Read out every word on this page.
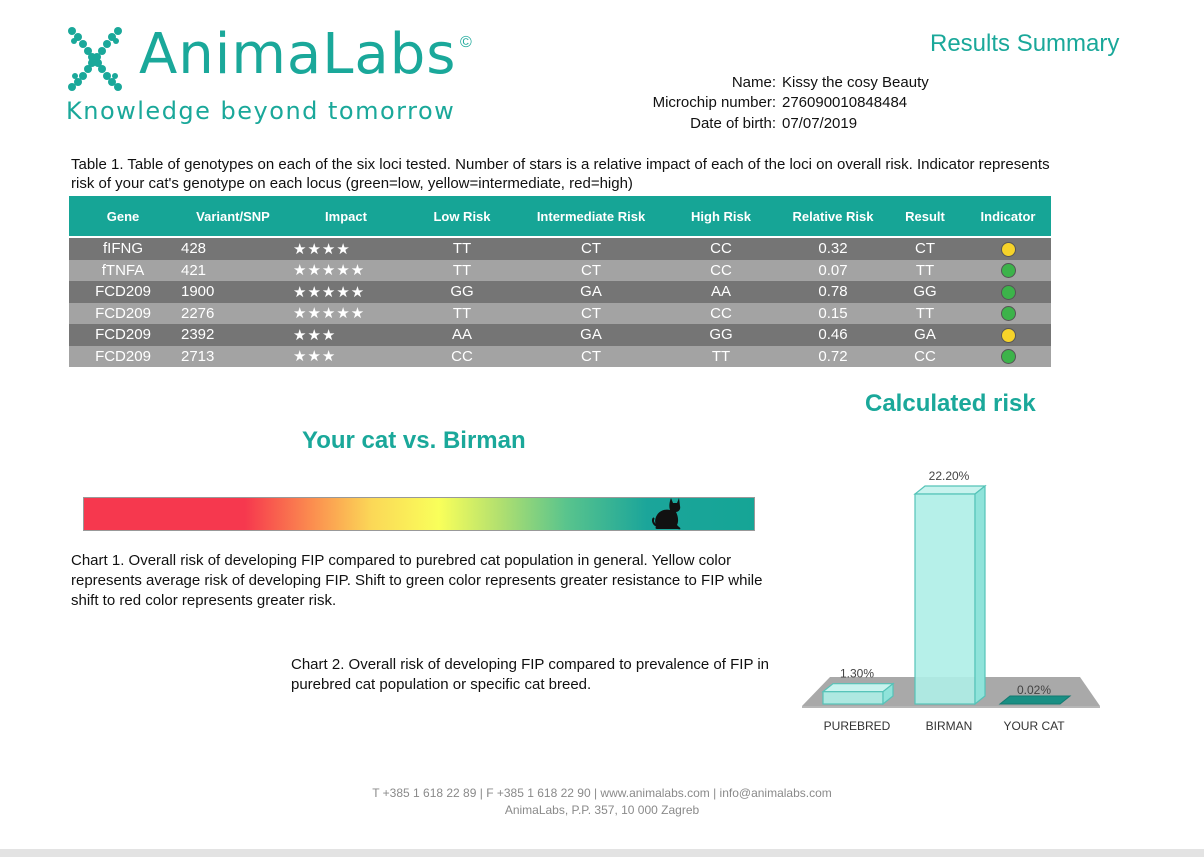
AnimaLabs ©
Knowledge beyond tomorrow
Results Summary
Name: Kissy the cosy Beauty
Microchip number: 276090010848484
Date of birth: 07/07/2019
Table 1. Table of genotypes on each of the six loci tested. Number of stars is a relative impact of each of the loci on overall risk. Indicator represents risk of your cat's genotype on each locus (green=low, yellow=intermediate, red=high)
Gene	Variant/SNP	Impact	Low Risk	Intermediate Risk	High Risk	Relative Risk	Result	Indicator
fIFNG	428	★★★★	TT	CT	CC	0.32	CT	
fTNFA	421	★★★★★	TT	CT	CC	0.07	TT	
FCD209	1900	★★★★★	GG	GA	AA	0.78	GG	
FCD209	2276	★★★★★	TT	CT	CC	0.15	TT	
FCD209	2392	★★★	AA	GA	GG	0.46	GA	
FCD209	2713	★★★	CC	CT	TT	0.72	CC	
Calculated risk
Your cat vs. Birman
Chart 1. Overall risk of developing FIP compared to purebred cat population in general. Yellow color represents average risk of developing FIP. Shift to green color represents greater resistance to FIP while shift to red color represents greater risk.
Chart 2. Overall risk of developing FIP compared to prevalence of FIP in purebred cat population or specific cat breed.
1.30%
PUREBRED
22.20%
BIRMAN
0.02%
YOUR CAT
T +385 1 618 22 89 | F +385 1 618 22 90 | www.animalabs.com | info@animalabs.com
AnimaLabs, P.P. 357, 10 000 Zagreb
